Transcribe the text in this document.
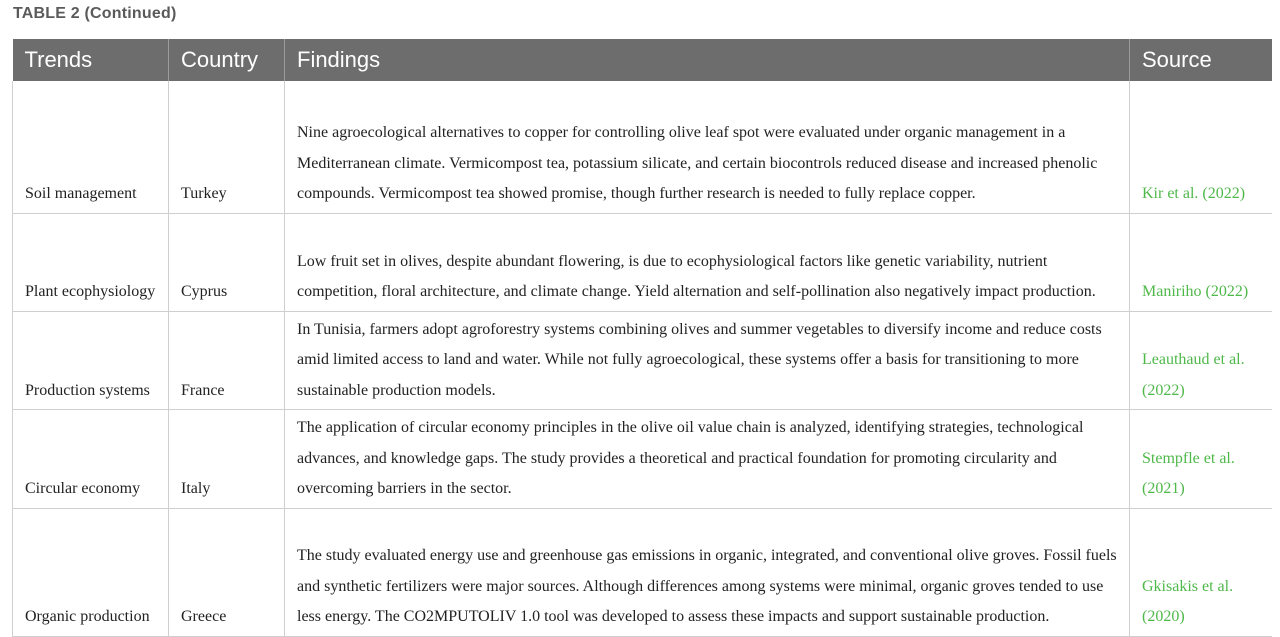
TABLE 2 (Continued)
Trends	Country	Findings	Source
Soil management	Turkey	Nine agroecological alternatives to copper for controlling olive leaf spot were evaluated under organic management in a Mediterranean climate. Vermicompost tea, potassium silicate, and certain biocontrols reduced disease and increased phenolic compounds. Vermicompost tea showed promise, though further research is needed to fully replace copper.	Kir et al. (2022)
Plant ecophysiology	Cyprus	Low fruit set in olives, despite abundant flowering, is due to ecophysiological factors like genetic variability, nutrient competition, floral architecture, and climate change. Yield alternation and self-pollination also negatively impact production.	Maniriho (2022)
Production systems	France	In Tunisia, farmers adopt agroforestry systems combining olives and summer vegetables to diversify income and reduce costs amid limited access to land and water. While not fully agroecological, these systems offer a basis for transitioning to more sustainable production models.	Leauthaud et al. (2022)
Circular economy	Italy	The application of circular economy principles in the olive oil value chain is analyzed, identifying strategies, technological advances, and knowledge gaps. The study provides a theoretical and practical foundation for promoting circularity and overcoming barriers in the sector.	Stempfle et al. (2021)
Organic production	Greece	The study evaluated energy use and greenhouse gas emissions in organic, integrated, and conventional olive groves. Fossil fuels and synthetic fertilizers were major sources. Although differences among systems were minimal, organic groves tended to use less energy. The CO2MPUTOLIV 1.0 tool was developed to assess these impacts and support sustainable production.	Gkisakis et al. (2020)
